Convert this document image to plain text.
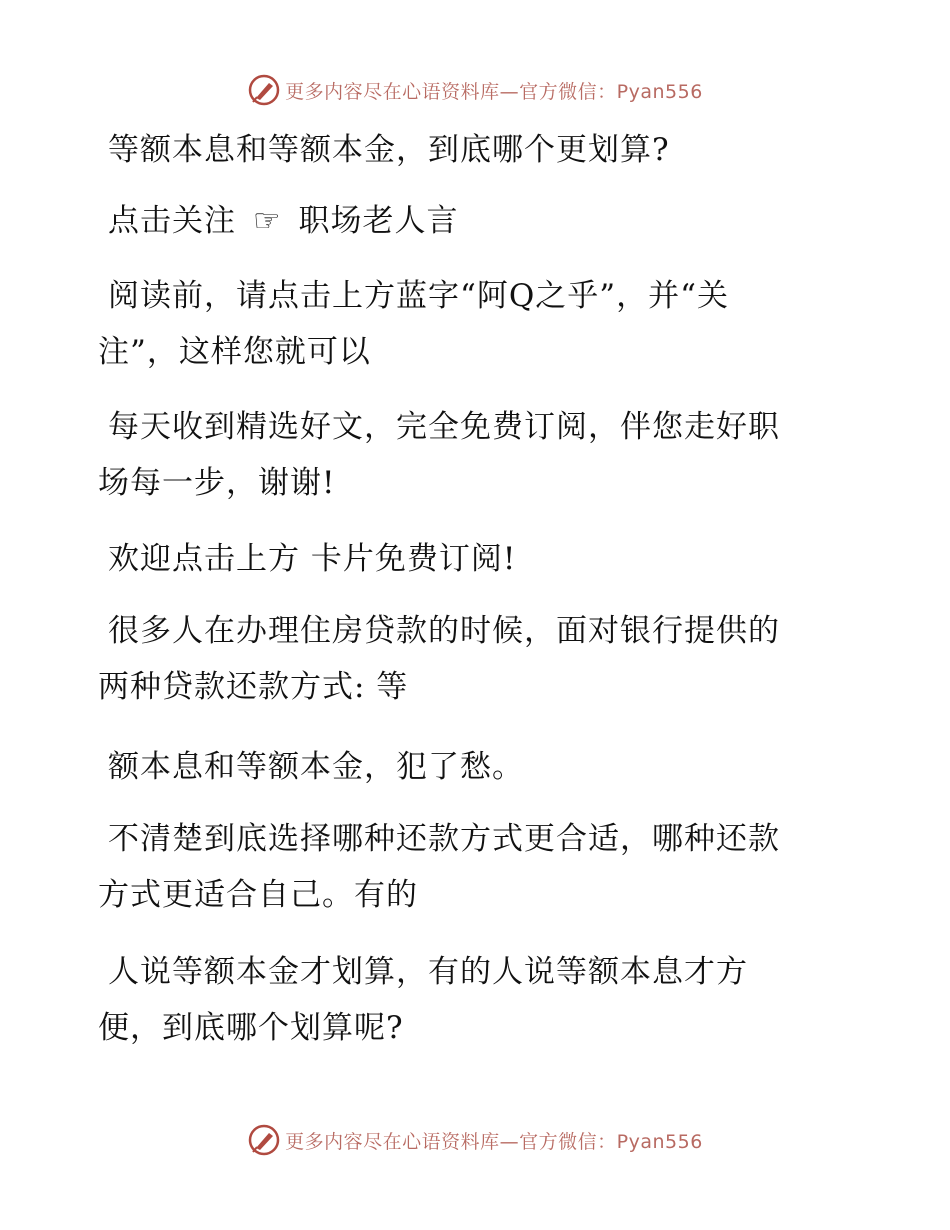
更多内容尽在心语资料库—官方微信：Pyan556
等额本息和等额本金，到底哪个更划算?
点击关注 ☞ 职场老人言
阅读前，请点击上方蓝字“阿Q之乎”，并“关
注”，这样您就可以
每天收到精选好文，完全免费订阅，伴您走好职
场每一步，谢谢!
欢迎点击上方 卡片免费订阅!
很多人在办理住房贷款的时候，面对银行提供的
两种贷款还款方式: 等
额本息和等额本金，犯了愁。
不清楚到底选择哪种还款方式更合适，哪种还款
方式更适合自己。有的
人说等额本金才划算，有的人说等额本息才方
便，到底哪个划算呢?
更多内容尽在心语资料库—官方微信：Pyan556
